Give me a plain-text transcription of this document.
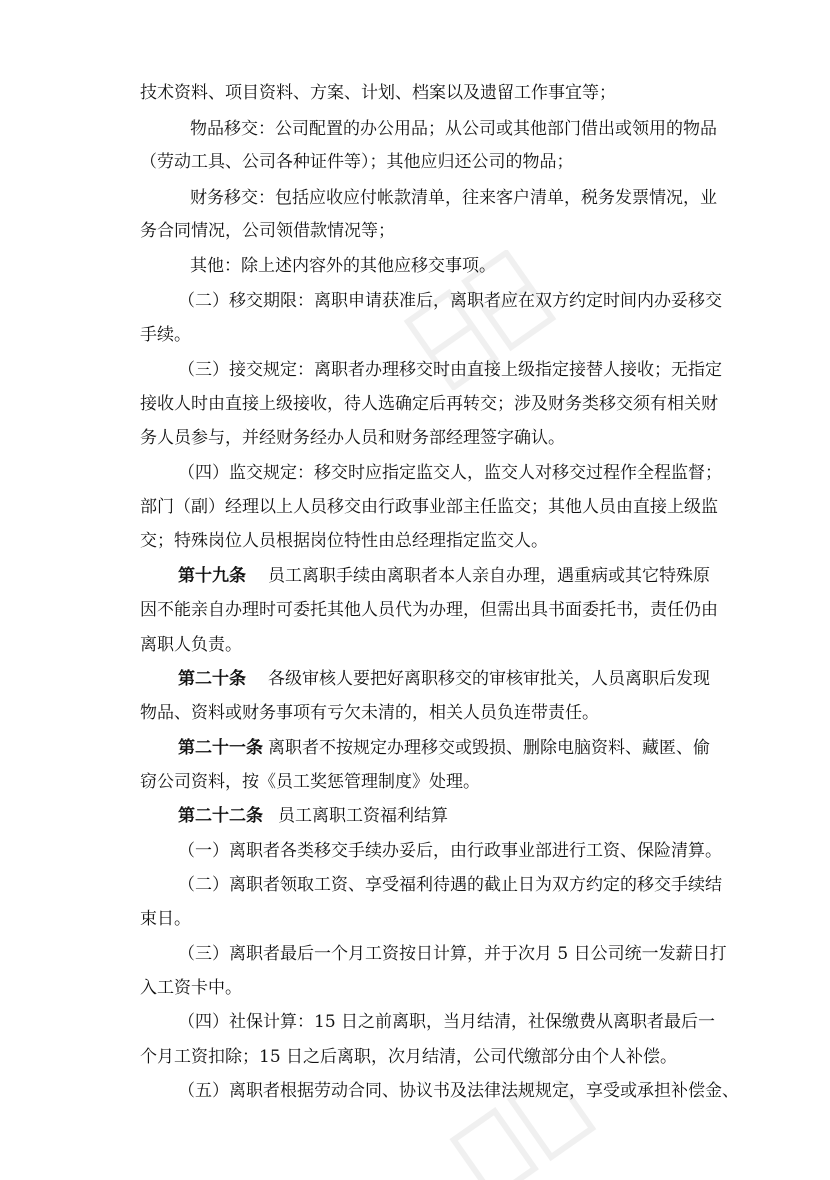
技术资料、项目资料、方案、计划、档案以及遗留工作事宜等；
物品移交：公司配置的办公用品；从公司或其他部门借出或领用的物品
（劳动工具、公司各种证件等）；其他应归还公司的物品；
财务移交：包括应收应付帐款清单，往来客户清单，税务发票情况，业
务合同情况，公司领借款情况等；
其他：除上述内容外的其他应移交事项。
（二）移交期限：离职申请获准后，离职者应在双方约定时间内办妥移交
手续。
（三）接交规定：离职者办理移交时由直接上级指定接替人接收；无指定
接收人时由直接上级接收，待人选确定后再转交；涉及财务类移交须有相关财
务人员参与，并经财务经办人员和财务部经理签字确认。
（四）监交规定：移交时应指定监交人，监交人对移交过程作全程监督；
部门（副）经理以上人员移交由行政事业部主任监交；其他人员由直接上级监
交；特殊岗位人员根据岗位特性由总经理指定监交人。
第十九条 员工离职手续由离职者本人亲自办理，遇重病或其它特殊原
因不能亲自办理时可委托其他人员代为办理，但需出具书面委托书，责任仍由
离职人负责。
第二十条 各级审核人要把好离职移交的审核审批关，人员离职后发现
物品、资料或财务事项有亏欠未清的，相关人员负连带责任。
第二十一条 离职者不按规定办理移交或毁损、删除电脑资料、藏匿、偷
窃公司资料，按《员工奖惩管理制度》处理。
第二十二条 员工离职工资福利结算
（一）离职者各类移交手续办妥后，由行政事业部进行工资、保险清算。
（二）离职者领取工资、享受福利待遇的截止日为双方约定的移交手续结
束日。
（三）离职者最后一个月工资按日计算，并于次月 5 日公司统一发薪日打
入工资卡中。
（四）社保计算：15 日之前离职，当月结清，社保缴费从离职者最后一
个月工资扣除；15 日之后离职，次月结清，公司代缴部分由个人补偿。
（五）离职者根据劳动合同、协议书及法律法规规定，享受或承担补偿金、
